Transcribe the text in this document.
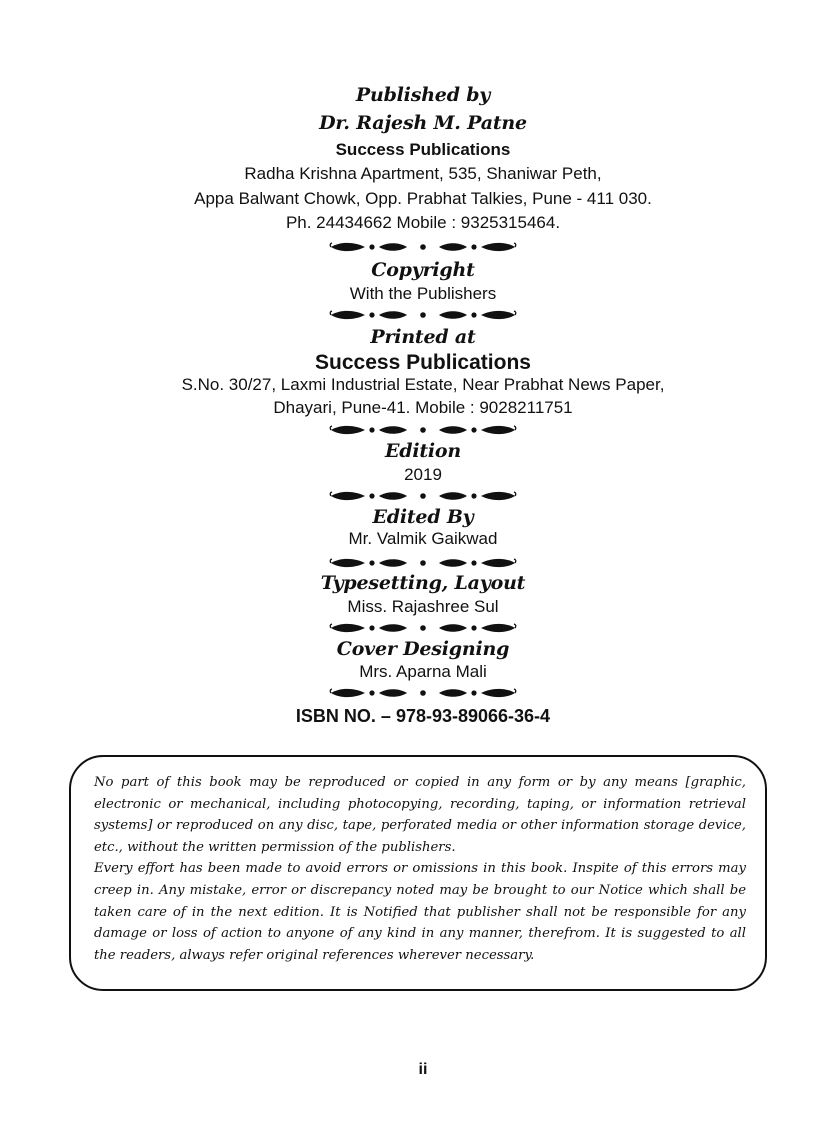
Published by
Dr. Rajesh M. Patne
Success Publications
Radha Krishna Apartment, 535, Shaniwar Peth,
Appa Balwant Chowk, Opp. Prabhat Talkies, Pune - 411 030.
Ph. 24434662 Mobile : 9325315464.
Copyright
With the Publishers
Printed at
Success Publications
S.No. 30/27, Laxmi Industrial Estate, Near Prabhat News Paper,
Dhayari, Pune-41. Mobile : 9028211751
Edition
2019
Edited By
Mr. Valmik Gaikwad
Typesetting, Layout
Miss. Rajashree Sul
Cover Designing
Mrs. Aparna Mali
ISBN NO. – 978-93-89066-36-4

No part of this book may be reproduced or copied in any form or by any means [graphic, electronic or mechanical, including photocopying, recording, taping, or information retrieval systems] or reproduced on any disc, tape, perforated media or other information storage device, etc., without the written permission of the publishers.

Every effort has been made to avoid errors or omissions in this book. Inspite of this errors may creep in. Any mistake, error or discrepancy noted may be brought to our Notice which shall be taken care of in the next edition. It is Notified that publisher shall not be responsible for any damage or loss of action to anyone of any kind in any manner, therefrom. It is suggested to all the readers, always refer original references wherever necessary.

ii
